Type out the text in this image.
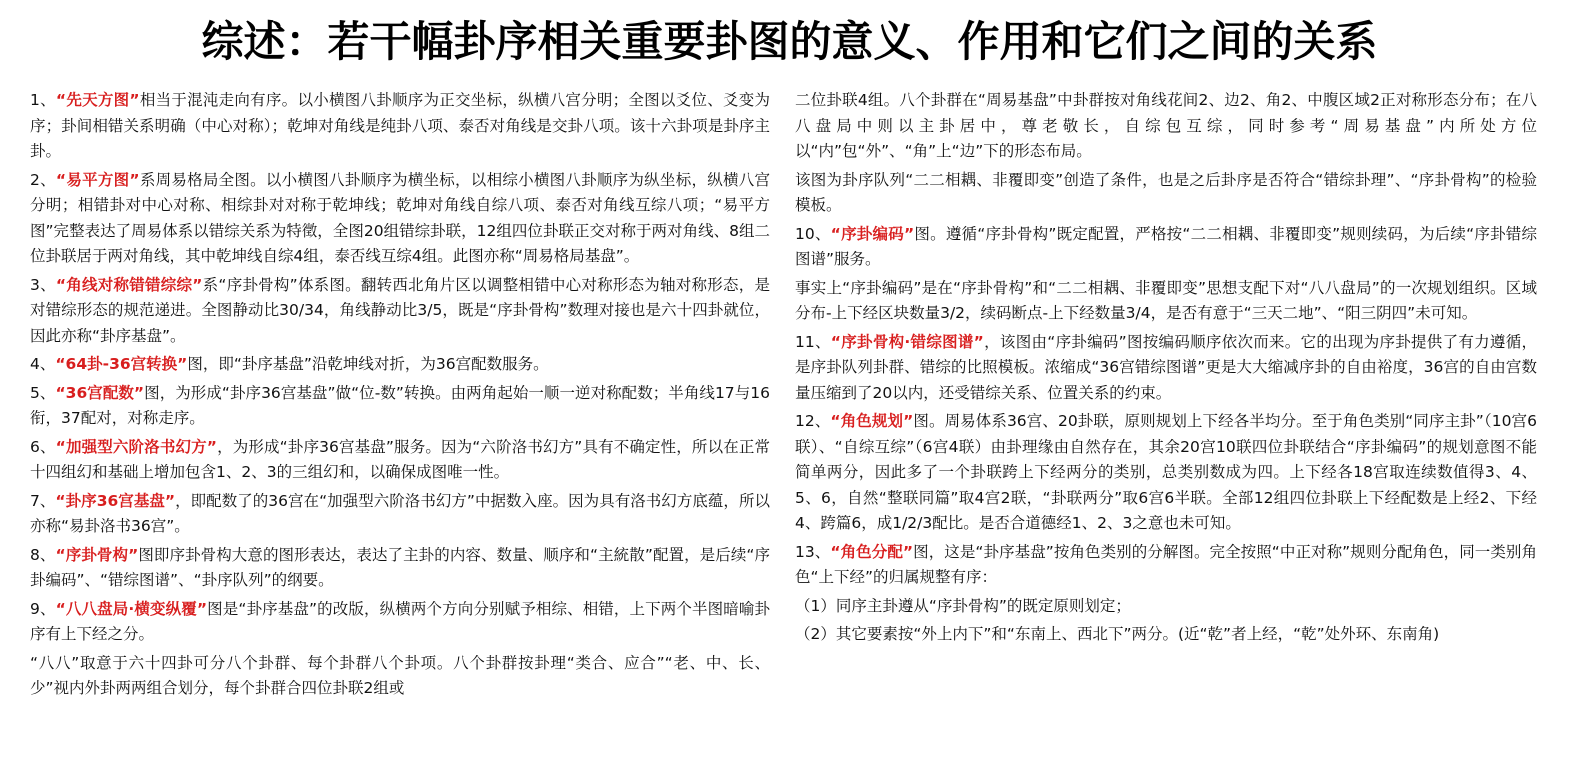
综述：若干幅卦序相关重要卦图的意义、作用和它们之间的关系

1、“先天方图”相当于混沌走向有序。以小横图八卦顺序为正交坐标，纵横八宫分明；全图以爻位、爻变为序；卦间相错关系明确（中心对称）；乾坤对角线是纯卦八项、泰否对角线是交卦八项。该十六卦项是卦序主卦。

2、“易平方图”系周易格局全图。以小横图八卦顺序为横坐标，以相综小横图八卦顺序为纵坐标，纵横八宫分明；相错卦对中心对称、相综卦对对称于乾坤线；乾坤对角线自综八项、泰否对角线互综八项；“易平方图”完整表达了周易体系以错综关系为特徵，全图20组错综卦联，12组四位卦联正交对称于两对角线、8组二位卦联居于两对角线，其中乾坤线自综4组，泰否线互综4组。此图亦称“周易格局基盘”。

3、“角线对称错错综综”系“序卦骨构”体系图。翻转西北角片区以调整相错中心对称形态为轴对称形态，是对错综形态的规范递进。全图静动比30/34，角线静动比3/5，既是“序卦骨构”数理对接也是六十四卦就位，因此亦称“卦序基盘”。

4、“64卦-36宫转换”图，即“卦序基盘”沿乾坤线对折，为36宫配数服务。

5、“36宫配数”图，为形成“卦序36宫基盘”做“位-数”转换。由两角起始一顺一逆对称配数；半角线17与16衔，37配对，对称走序。

6、“加强型六阶洛书幻方”，为形成“卦序36宫基盘”服务。因为“六阶洛书幻方”具有不确定性，所以在正常十四组幻和基础上增加包含1、2、3的三组幻和，以确保成图唯一性。

7、“卦序36宫基盘”，即配数了的36宫在“加强型六阶洛书幻方”中据数入座。因为具有洛书幻方底蕴，所以亦称“易卦洛书36宫”。

8、“序卦骨构”图即序卦骨构大意的图形表达，表达了主卦的内容、数量、顺序和“主統散”配置，是后续“序卦编码”、“错综图谱”、“卦序队列”的纲要。

9、“八八盘局·横变纵覆”图是“卦序基盘”的改版，纵横两个方向分别赋予相综、相错，上下两个半图暗喻卦序有上下经之分。

“八八”取意于六十四卦可分八个卦群、每个卦群八个卦项。八个卦群按卦理“类合、应合”“老、中、长、少”视内外卦两两组合划分，每个卦群合四位卦联2组或

二位卦联4组。八个卦群在“周易基盘”中卦群按对角线花间2、边2、角2、中腹区域2正对称形态分布；在八八盘局中则以主卦居中，尊老敬长，自综包互综，同时参考“周易基盘”内所处方位以“内”包“外”、“角”上“边”下的形态布局。

该图为卦序队列“二二相耦、非覆即变”创造了条件，也是之后卦序是否符合“错综卦理”、“序卦骨构”的检验模板。

10、“序卦编码”图。遵循“序卦骨构”既定配置，严格按“二二相耦、非覆即变”规则续码，为后续“序卦错综图谱”服务。

事实上“序卦编码”是在“序卦骨构”和“二二相耦、非覆即变”思想支配下对“八八盘局”的一次规划组织。区域分布-上下经区块数量3/2，续码断点-上下经数量3/4，是否有意于“三天二地”、“阳三阴四”未可知。

11、“序卦骨构·错综图谱”，该图由“序卦编码”图按编码顺序依次而来。它的出现为序卦提供了有力遵循，是序卦队列卦群、错综的比照模板。浓缩成“36宫错综图谱”更是大大缩减序卦的自由裕度，36宫的自由宫数量压缩到了20以内，还受错综关系、位置关系的约束。

12、“角色规划”图。周易体系36宫、20卦联，原则规划上下经各半均分。至于角色类别“同序主卦”（10宫6联）、“自综互综”（6宫4联）由卦理缘由自然存在，其余20宫10联四位卦联结合“序卦编码”的规划意图不能简单两分，因此多了一个卦联跨上下经两分的类别，总类别数成为四。上下经各18宫取连续数值得3、4、5、6，自然“整联同篇”取4宫2联，“卦联两分”取6宫6半联。全部12组四位卦联上下经配数是上经2、下经4、跨篇6，成1/2/3配比。是否合道德经1、2、3之意也未可知。

13、“角色分配”图，这是“卦序基盘”按角色类别的分解图。完全按照“中正对称”规则分配角色，同一类别角色“上下经”的归属规整有序：

（1）同序主卦遵从“序卦骨构”的既定原则划定；

（2）其它要素按“外上内下”和“东南上、西北下”两分。(近“乾”者上经，“乾”处外环、东南角)
